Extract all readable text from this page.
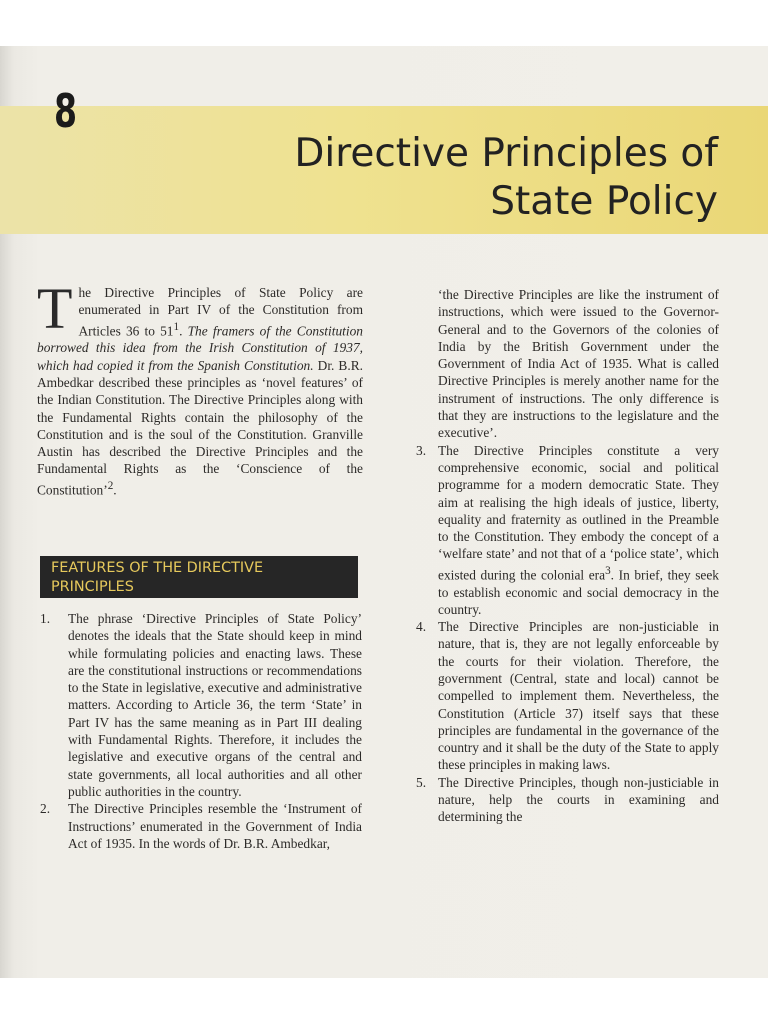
8
Directive Principles of
State Policy
The Directive Principles of State Policy are enumerated in Part IV of the Constitution from Articles 36 to $51^1$. The framers of the Constitution borrowed this idea from the Irish Constitution of 1937, which had copied it from the Spanish Constitution. Dr. B.R. Ambedkar described these principles as ‘novel features’ of the Indian Constitution. The Directive Principles along with the Fundamental Rights contain the philosophy of the Constitution and is the soul of the Constitution. Granville Austin has described the Directive Principles and the Fundamental Rights as the ‘Conscience of the Constitution’$^2$.
FEATURES OF THE DIRECTIVE
PRINCIPLES
1. The phrase ‘Directive Principles of State Policy’ denotes the ideals that the State should keep in mind while formulating policies and enacting laws. These are the constitutional instructions or recommendations to the State in legislative, executive and administrative matters. According to Article 36, the term ‘State’ in Part IV has the same meaning as in Part III dealing with Fundamental Rights. Therefore, it includes the legislative and executive organs of the central and state governments, all local authorities and all other public authorities in the country.
2. The Directive Principles resemble the ‘Instrument of Instructions’ enumerated in the Government of India Act of 1935. In the words of Dr. B.R. Ambedkar,
‘the Directive Principles are like the instrument of instructions, which were issued to the Governor-General and to the Governors of the colonies of India by the British Government under the Government of India Act of 1935. What is called Directive Principles is merely another name for the instrument of instructions. The only difference is that they are instructions to the legislature and the executive’.
3. The Directive Principles constitute a very comprehensive economic, social and political programme for a modern democratic State. They aim at realising the high ideals of justice, liberty, equality and fraternity as outlined in the Preamble to the Constitution. They embody the concept of a ‘welfare state’ and not that of a ‘police state’, which existed during the colonial era$^3$. In brief, they seek to establish economic and social democracy in the country.
4. The Directive Principles are non-justiciable in nature, that is, they are not legally enforceable by the courts for their violation. Therefore, the government (Central, state and local) cannot be compelled to implement them. Nevertheless, the Constitution (Article 37) itself says that these principles are fundamental in the governance of the country and it shall be the duty of the State to apply these principles in making laws.
5. The Directive Principles, though non-justiciable in nature, help the courts in examining and determining the
